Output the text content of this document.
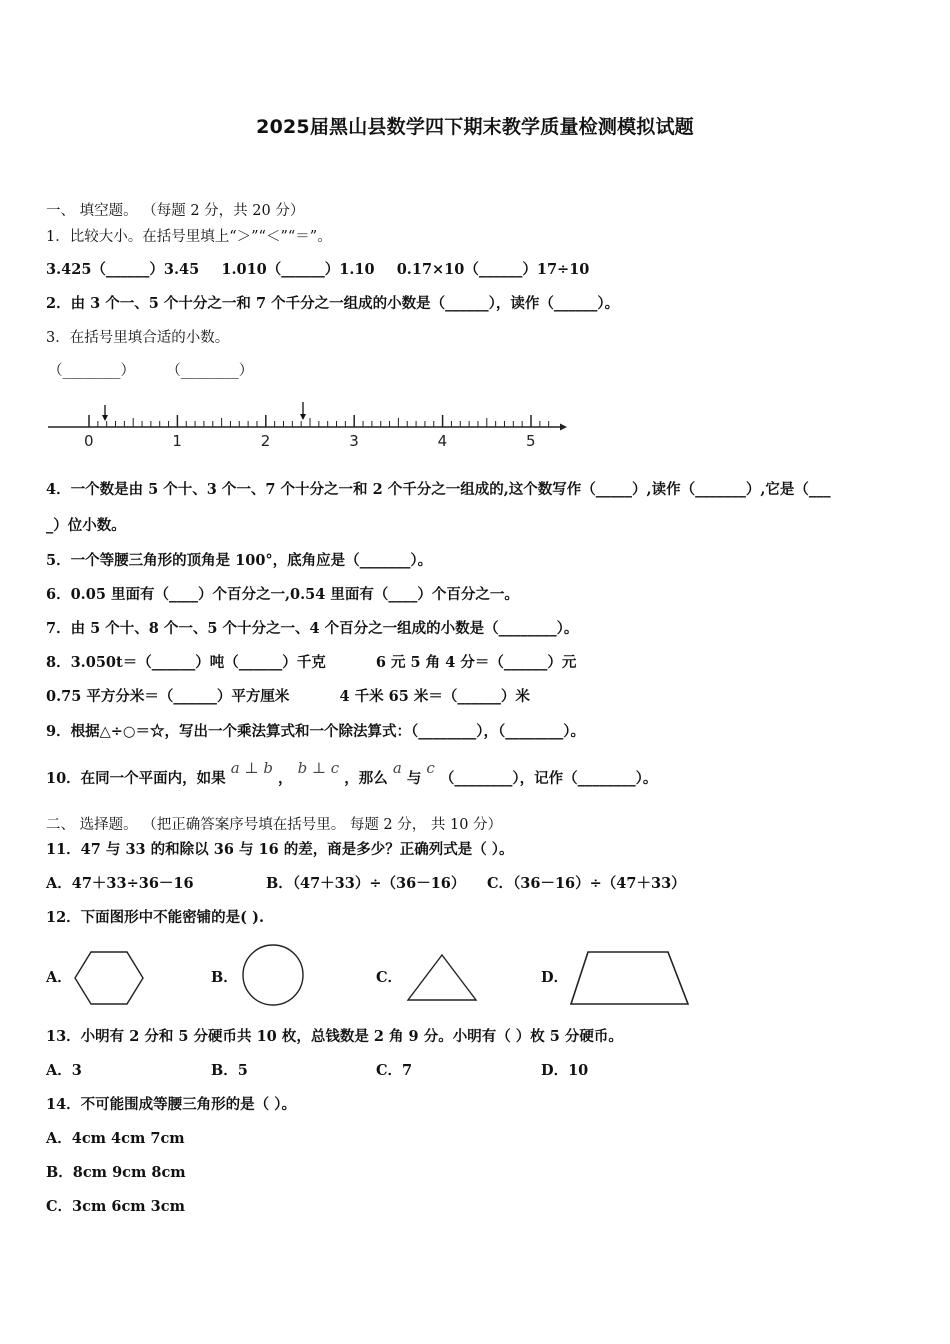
2025届黑山县数学四下期末教学质量检测模拟试题
一、 填空题。 （每题 2 分，共 20 分）
1．比较大小。在括号里填上“＞”“＜”“＝”。
3.425（______）3.45 1.010（______）1.10 0.17×10（______）17÷10
2．由 3 个一、5 个十分之一和 7 个千分之一组成的小数是（______），读作（______）。
3．在括号里填合适的小数。
（________） （________）
0	1	2	3	4	5
4．一个数是由 5 个十、3 个一、7 个十分之一和 2 个千分之一组成的,这个数写作（_____）,读作（_______）,它是（___
_）位小数。
5．一个等腰三角形的顶角是 100°，底角应是（_______）。
6．0.05 里面有（____）个百分之一,0.54 里面有（____）个百分之一。
7．由 5 个十、8 个一、5 个十分之一、4 个百分之一组成的小数是（________）。
8．3.050t＝（______）吨（______）千克	6 元 5 角 4 分＝（______）元
0.75 平方分米＝（______）平方厘米	4 千米 65 米＝（______）米
9．根据△÷○＝☆，写出一个乘法算式和一个除法算式：（________），（________）。
10．在同一个平面内，如果 a ⊥ b ， b ⊥ c ，那么 a 与 c （________），记作（________）。
二、 选择题。 （把正确答案序号填在括号里。 每题 2 分， 共 10 分）
11．47 与 33 的和除以 36 与 16 的差，商是多少？正确列式是（ ）。
A．47＋33÷36－16	B．（47＋33）÷（36－16） C．（36－16）÷（47＋33）
12．下面图形中不能密铺的是( ).
A．	B．	C．	D．
13．小明有 2 分和 5 分硬币共 10 枚，总钱数是 2 角 9 分。小明有（ ）枚 5 分硬币。
A．3	B．5	C．7	D．10
14．不可能围成等腰三角形的是（ ）。
A．4cm 4cm 7cm
B．8cm 9cm 8cm
C．3cm 6cm 3cm
